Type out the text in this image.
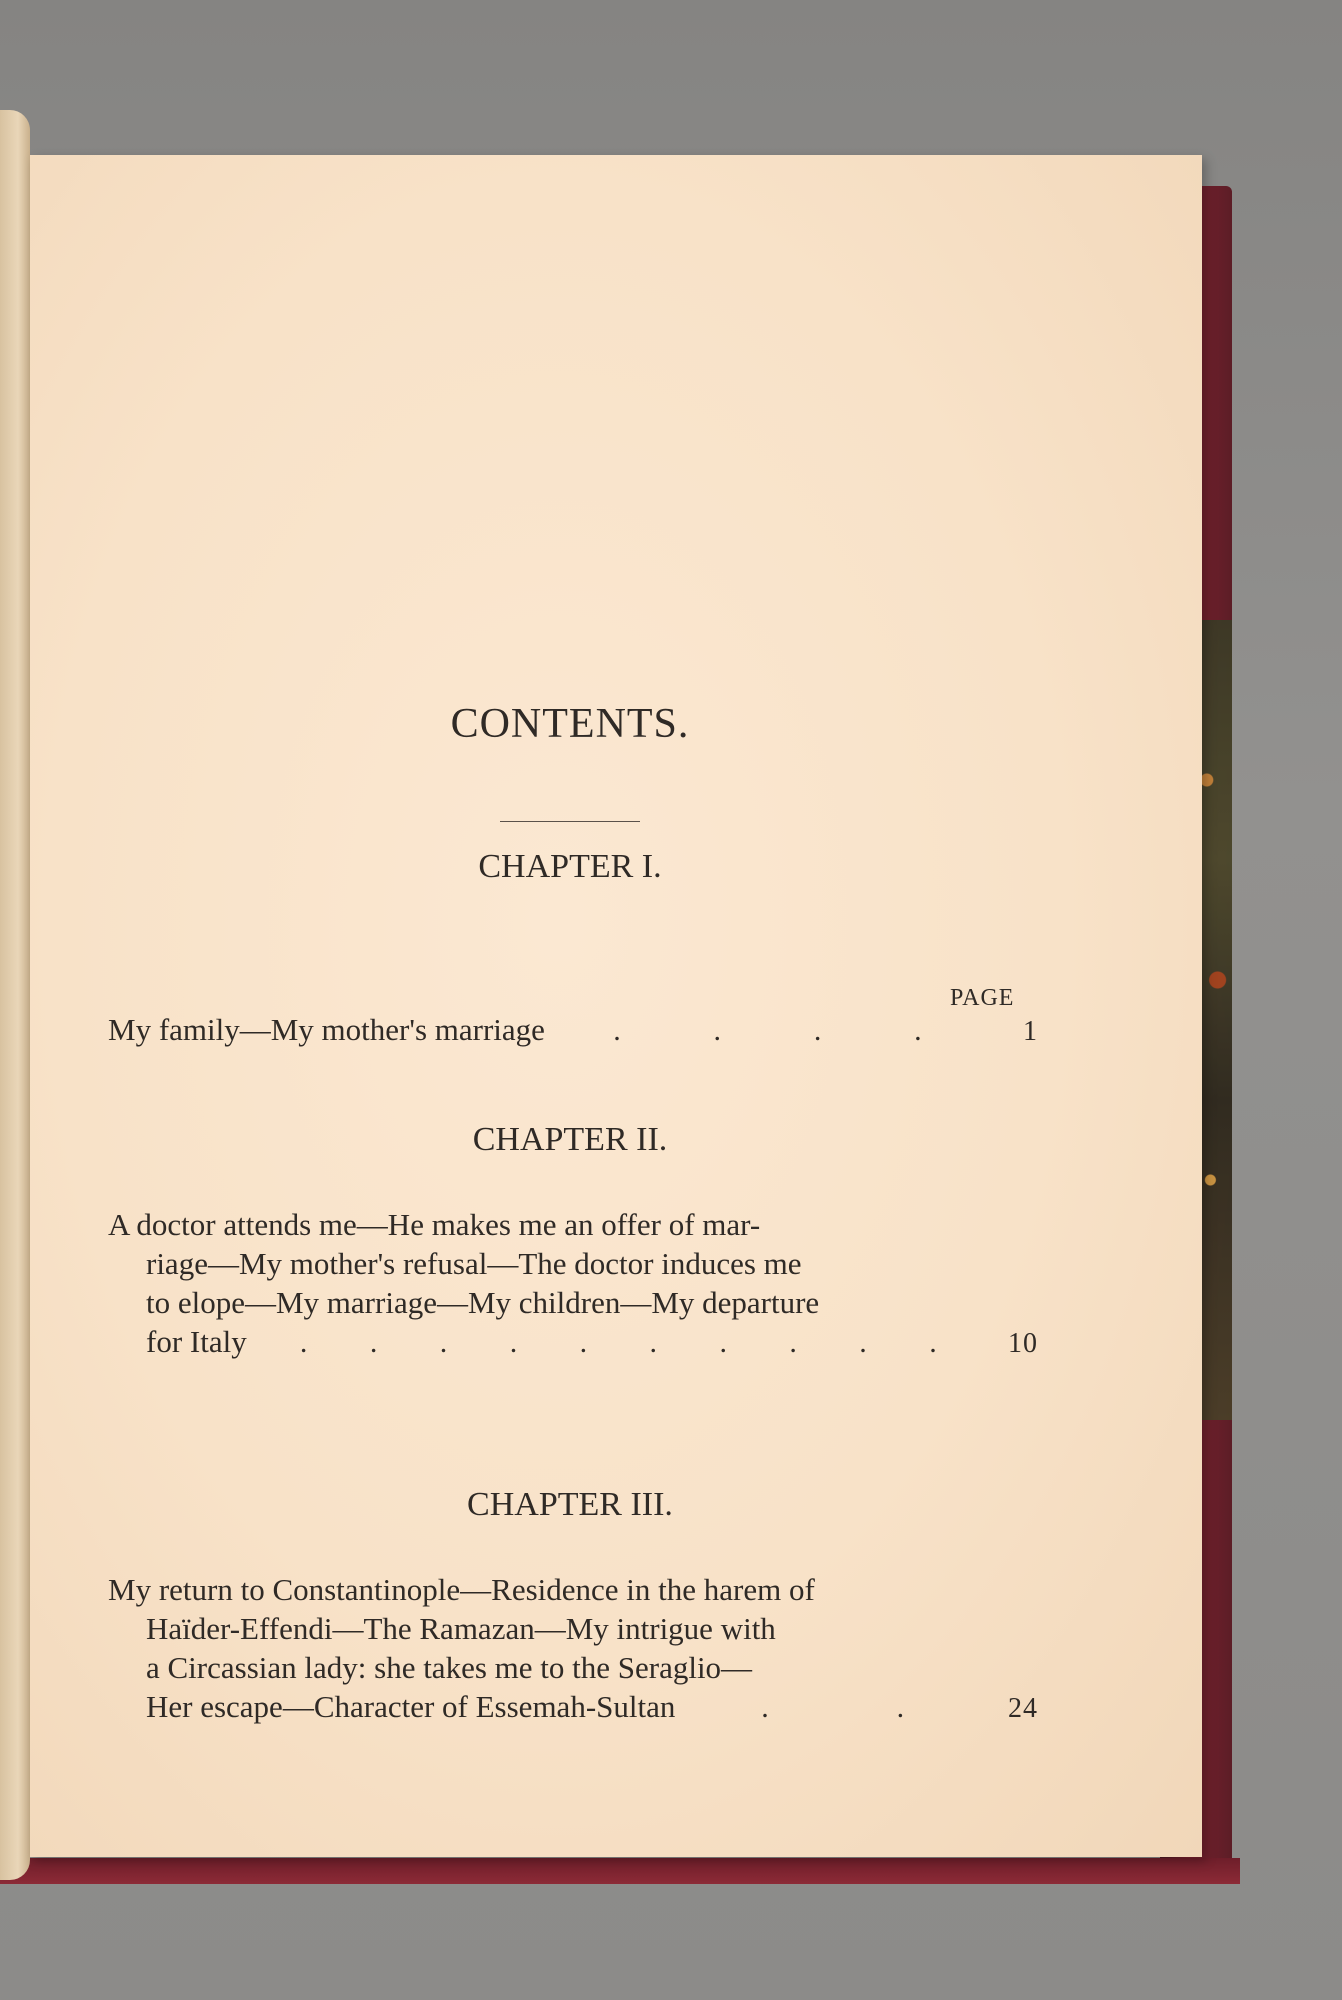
CONTENTS.
CHAPTER I.
PAGE
My family—My mother's marriage .	.	.	.	1
CHAPTER II.
A doctor attends me—He makes me an offer of mar-
riage—My mother's refusal—The doctor induces me
to elope—My marriage—My children—My departure
for Italy . . . . . . . . . .	10
CHAPTER III.
My return to Constantinople—Residence in the harem of
Haïder-Effendi—The Ramazan—My intrigue with
a Circassian lady: she takes me to the Seraglio—
Her escape—Character of Essemah-Sultan	.	.	24
